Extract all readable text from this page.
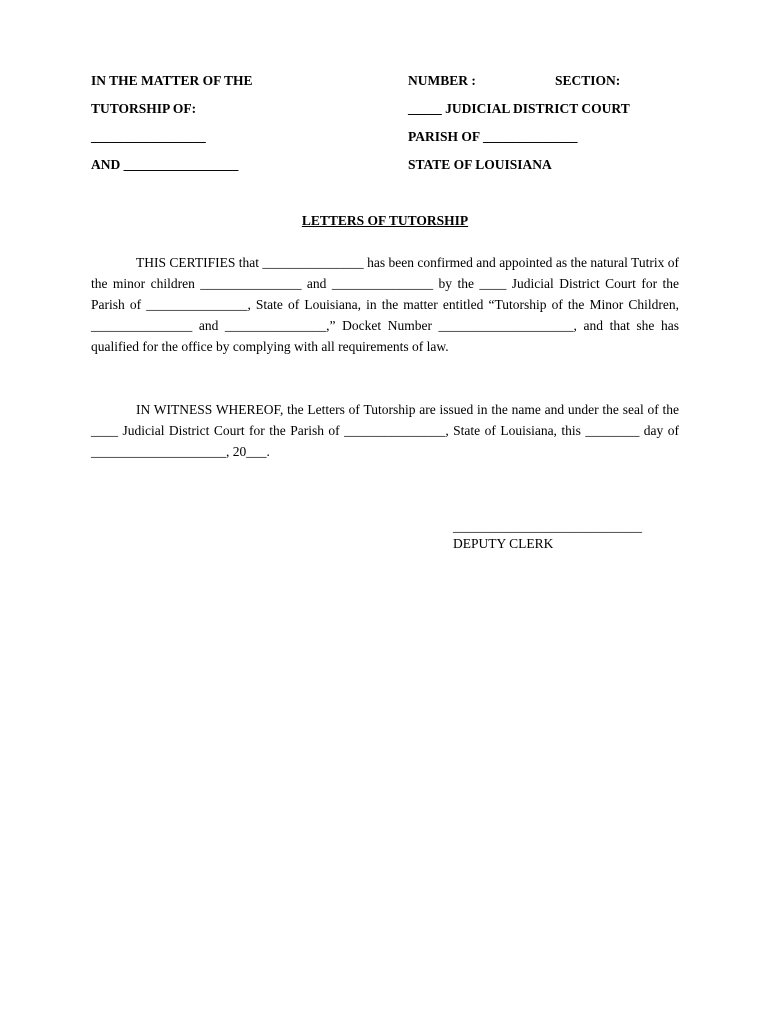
IN THE MATTER OF THE
TUTORSHIP OF:
_________________
AND _________________
NUMBER :	SECTION:
_____ JUDICIAL DISTRICT COURT
PARISH OF ______________
STATE OF LOUISIANA
LETTERS OF TUTORSHIP

THIS CERTIFIES that _______________ has been confirmed and appointed as the natural Tutrix of the minor children _______________ and _______________ by the ____ Judicial District Court for the Parish of _______________, State of Louisiana, in the matter entitled “Tutorship of the Minor Children, _______________ and _______________,” Docket Number ____________________, and that she has qualified for the office by complying with all requirements of law.

IN WITNESS WHEREOF, the Letters of Tutorship are issued in the name and under the seal of the ____ Judicial District Court for the Parish of _______________, State of Louisiana, this ________ day of ____________________, 20___.

____________________________
DEPUTY CLERK
